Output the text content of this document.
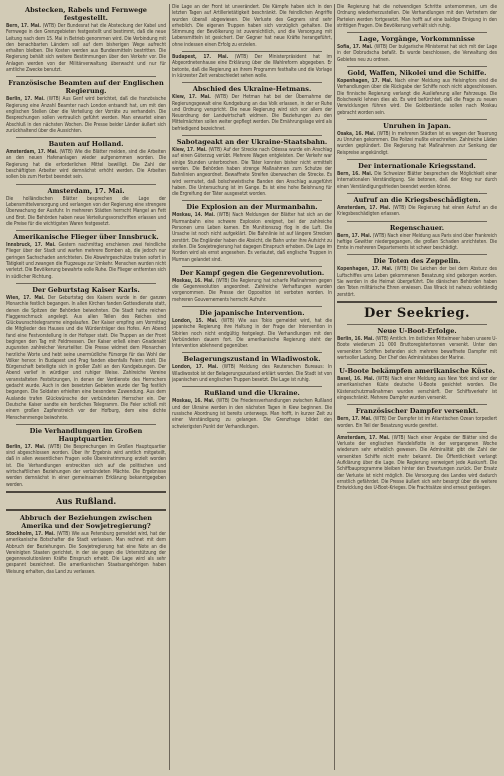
Abstecken, Rabels und Fernwege festgestellt.

Bern, 17. Mai. (WTB) Der Bundesrat hat die Absteckung der Kabel und Fernwege in den Grenzgebieten festgestellt und bestimmt, daß die neue Leitung nach dem 15. Mai in Betrieb genommen wird. Die Verbindung mit den benachbarten Ländern soll auf dem bisherigen Wege aufrecht erhalten bleiben. Die Kosten werden aus Bundesmitteln bestritten. Die Regierung behält sich weitere Bestimmungen über den Verkehr vor. Die Anlagen werden von der Militärverwaltung überwacht und nur für amtliche Zwecke benutzt.

Französische Beamten auf der Englischen Regierung.

Berlin, 17. Mai. (WTB) Aus Genf wird berichtet, daß die französische Regierung eine Anzahl Beamter nach London entsandt hat, um mit den englischen Stellen über die Verteilung der Vorräte zu verhandeln. Die Besprechungen sollen vertraulich geführt werden. Man erwartet einen Abschluß in den nächsten Wochen. Die Presse beider Länder äußert sich zurückhaltend über die Aussichten.

Bauten auf Holland.

Amsterdam, 17. Mai. (WTB) Wie die Blätter melden, sind die Arbeiten an den neuen Hafenanlagen wieder aufgenommen worden. Die Regierung hat die erforderlichen Mittel bewilligt. Die Zahl der beschäftigten Arbeiter wird demnächst erhöht werden. Die Arbeiten sollen bis zum Herbst beendet sein.

Amsterdam, 17. Mai.

Die holländischen Blätter besprechen die Lage der Lebensmittelversorgung und verlangen von der Regierung eine strengere Überwachung der Ausfuhr. In mehreren Städten herrscht Mangel an Fett und Brot. Die Behörden haben neue Verteilungsvorschriften erlassen und die Preise für die wichtigsten Waren festgesetzt.

Amerikanische Flieger über Innsbruck.

Innsbruck, 17. Mai. Gestern nachmittag erschienen zwei feindliche Flieger über der Stadt und warfen mehrere Bomben ab, die jedoch nur geringen Sachschaden anrichteten. Die Abwehrgeschütze traten sofort in Tätigkeit und zwangen die Flugzeuge zur Umkehr. Menschen wurden nicht verletzt. Die Bevölkerung bewahrte volle Ruhe. Die Flieger entfernten sich in südlicher Richtung.

Der Geburtstag Kaiser Karls.

Wien, 17. Mai. Der Geburtstag des Kaisers wurde in der ganzen Monarchie festlich begangen. In allen Kirchen fanden Gottesdienste statt, denen die Spitzen der Behörden beiwohnten. Die Stadt hatte reichen Flaggenschmuck angelegt. Aus allen Teilen des Reiches sind Glückwunschtelegramme eingelaufen. Der Kaiser empfing am Vormittag die Mitglieder des Hauses und die Würdenträger des Hofes. Am Abend fand eine Festvorstellung in der Hofoper statt. Die Truppen an der Front begingen den Tag mit Feldmessen. Der Kaiser erließ einen Gnadenakt zugunsten zahlreicher Verurteilter. Die Presse widmet dem Monarchen herzliche Worte und hebt seine unermüdliche Fürsorge für das Wohl der Völker hervor. In Budapest und Prag fanden ebenfalls Feiern statt. Die Bürgerschaft beteiligte sich in großer Zahl an den Kundgebungen. Der Abend verlief in würdiger und ruhiger Weise. Zahlreiche Vereine veranstalteten Festsitzungen, in denen der Verdienste des Herrschers gedacht wurde. Auch in den besetzten Gebieten wurde der Tag festlich begangen. Die Soldaten erhielten eine besondere Zuwendung. Aus dem Auslande trafen Glückwünsche der verbündeten Herrscher ein. Der Deutsche Kaiser sandte ein herzliches Telegramm. Die Feier schloß mit einem großen Zapfenstreich vor der Hofburg, dem eine dichte Menschenmenge beiwohnte.

Die Verhandlungen im Großen Hauptquartier.

Berlin, 17. Mai. (WTB) Die Besprechungen im Großen Hauptquartier sind abgeschlossen worden. Über ihr Ergebnis wird amtlich mitgeteilt, daß in allen wesentlichen Fragen volle Übereinstimmung erzielt worden ist. Die Verhandlungen erstreckten sich auf die politischen und wirtschaftlichen Beziehungen der verbündeten Mächte. Die Ergebnisse werden demnächst in einer gemeinsamen Erklärung bekanntgegeben werden.

Aus Rußland.
Abbruch der Beziehungen zwischen Amerika und der Sowjetregierung?

Stockholm, 17. Mai. (WTB) Wie aus Petersburg gemeldet wird, hat der amerikanische Botschafter die Stadt verlassen. Man rechnet mit dem Abbruch der Beziehungen. Die Sowjetregierung hat eine Note an die Vereinigten Staaten gerichtet, in der sie gegen die Unterstützung der gegenrevolutionären Kräfte Einspruch erhebt. Die Lage wird als sehr gespannt bezeichnet. Die amerikanischen Staatsangehörigen haben Weisung erhalten, das Land zu verlassen.

Die Lage an der Front ist unverändert. Die Kämpfe haben sich in den letzten Tagen auf Artillerietätigkeit beschränkt. Die feindlichen Angriffe wurden überall abgewiesen. Die Verluste des Gegners sind sehr erheblich. Die eigenen Truppen haben sich vorzüglich gehalten. Die Stimmung der Bevölkerung ist zuversichtlich, und die Versorgung mit Lebensmitteln ist gesichert. Der Gegner hat neue Kräfte herangeführt, ohne indessen einen Erfolg zu erzielen.

Budapest, 17. Mai. (WTB) Der Ministerpräsident hat im Abgeordnetenhause eine Erklärung über die Wahlreform abgegeben. Er betonte, daß die Regierung an ihrem Programm festhalte und die Vorlage in kürzester Zeit verabschiedet sehen wolle.

Abschied des Ukraine-Hetmans.

Kiew, 17. Mai. (WTB) Der Hetman hat bei der Übernahme der Regierungsgewalt eine Kundgebung an das Volk erlassen, in der er Ruhe und Ordnung verspricht. Die neue Regierung wird sich vor allem der Neuordnung der Landwirtschaft widmen. Die Beziehungen zu den Mittelmächten sollen weiter gepflegt werden. Die Ernährungslage wird als befriedigend bezeichnet.

Sabotageakt an der Ukraine-Staatsbahn.

Kiew, 17. Mai. (WTB) Auf der Strecke nach Odessa wurde ein Anschlag auf einen Güterzug verübt. Mehrere Wagen entgleisten. Der Verkehr war einige Stunden unterbrochen. Die Täter konnten bisher nicht ermittelt werden. Die Behörden haben strenge Maßnahmen zum Schutze der Bahnlinien angeordnet. Bewaffnete Streifen überwachen die Strecke. Es wird vermutet, daß bolschewistische Banden den Anschlag ausgeführt haben. Die Untersuchung ist im Gange. Es ist eine hohe Belohnung für die Ergreifung der Täter ausgesetzt worden.

Die Explosion an der Murmanbahn.

Moskau, 14. Mai. (WTB) Nach Meldungen der Blätter hat sich an der Murmanbahn eine schwere Explosion ereignet, bei der zahlreiche Personen ums Leben kamen. Ein Munitionszug flog in die Luft. Die Ursache ist noch nicht aufgeklärt. Die Bahnlinie ist auf längere Strecken zerstört. Die Engländer haben die Absicht, die Bahn unter ihre Aufsicht zu stellen. Die Sowjetregierung hat dagegen Einspruch erhoben. Die Lage im Norden wird als ernst angesehen. Es verlautet, daß englische Truppen in Murman gelandet sind.

Der Kampf gegen die Gegenrevolution.

Moskau, 16. Mai. (WTB) Die Regierung hat scharfe Maßnahmen gegen die Gegenrevolution angeordnet. Zahlreiche Verhaftungen wurden vorgenommen. Die Presse der Opposition ist verboten worden. In mehreren Gouvernements herrscht Aufruhr.

Die japanische Intervention.

London, 15. Mai. (WTB) Wie aus Tokio gemeldet wird, hat die japanische Regierung ihre Haltung in der Frage der Intervention in Sibirien noch nicht endgültig festgelegt. Die Verhandlungen mit den Verbündeten dauern fort. Die amerikanische Regierung steht der Intervention ablehnend gegenüber.

Belagerungszustand in Wladiwostok.

London, 17. Mai. (WTB) Meldung des Reuterschen Bureaus: In Wladiwostok ist der Belagerungszustand erklärt worden. Die Stadt ist von japanischen und englischen Truppen besetzt. Die Lage ist ruhig.

Rußland und die Ukraine.

Moskau, 16. Mai. (WTB) Die Friedensverhandlungen zwischen Rußland und der Ukraine werden in den nächsten Tagen in Kiew beginnen. Die russische Abordnung ist bereits unterwegs. Man hofft, in kurzer Zeit zu einer Verständigung zu gelangen. Die Grenzfrage bildet den schwierigsten Punkt der Verhandlungen.

Die Regierung hat die notwendigen Schritte unternommen, um die Ordnung wiederherzustellen. Die Verhandlungen mit den Vertretern der Parteien werden fortgesetzt. Man hofft auf eine baldige Einigung in den strittigen Fragen. Die Bevölkerung verhält sich ruhig.

Lage, Vorgänge, Vorkommnisse

Sofia, 17. Mai. (WTB) Der bulgarische Ministerrat hat sich mit der Lage in der Dobrudscha befaßt. Es wurde beschlossen, die Verwaltung des Gebietes neu zu ordnen.

Gold, Waffen, Nikolei und die Schiffe.

Kopenhagen, 17. Mai. Nach einer Meldung aus Helsingfors sind die Verhandlungen über die Rückgabe der Schiffe noch nicht abgeschlossen. Die finnische Regierung verlangt die Auslieferung aller Fahrzeuge. Die Bolschewiki lehnen dies ab. Es wird befürchtet, daß die Frage zu neuen Verwicklungen führen wird. Die Goldbestände sollen nach Moskau gebracht worden sein.

Unruhen in Japan.

Osaka, 16. Mai. (WTB) In mehreren Städten ist es wegen der Teuerung zu Unruhen gekommen. Die Polizei mußte einschreiten. Zahlreiche Läden wurden geplündert. Die Regierung hat Maßnahmen zur Senkung der Reispreise angekündigt.

Der internationale Kriegsstand.

Bern, 16. Mai. Die Schweizer Blätter besprechen die Möglichkeit einer internationalen Verständigung. Sie betonen, daß der Krieg nur durch einen Verständigungsfrieden beendet werden könne.

Aufruf an die Kriegsbeschädigten.

Amsterdam, 17. Mai. (WTB) Die Regierung hat einen Aufruf an die Kriegsbeschädigten erlassen.

Regenschauer.

Bern, 17. Mai. (WTB) Nach einer Meldung aus Paris sind über Frankreich heftige Gewitter niedergegangen, die großen Schaden anrichteten. Die Ernte in mehreren Departements ist schwer beschädigt.

Die Toten des Zeppelin.

Kopenhagen, 17. Mai. (WTB) Die Leichen der bei dem Absturz des Luftschiffes ums Leben gekommenen Besatzung sind geborgen worden. Sie werden in die Heimat übergeführt. Die dänischen Behörden haben den Toten militärische Ehren erwiesen. Das Wrack ist nahezu vollständig zerstört.

Der Seekrieg.
Neue U-Boot-Erfolge.

Berlin, 16. Mai. (WTB) Amtlich. Im östlichen Mittelmeer haben unsere U-Boote wiederum 21 000 Bruttoregistertonnen versenkt. Unter den versenkten Schiffen befanden sich mehrere bewaffnete Dampfer mit wertvoller Ladung. Der Chef des Admiralstabes der Marine.

U-Boote bekämpfen amerikanische Küste.

Basel, 16. Mai. (WTB) Nach einer Meldung aus New York sind vor der amerikanischen Küste deutsche U-Boote gesichtet worden. Die Küstenschutzmaßnahmen wurden verschärft. Der Schiffsverkehr ist eingeschränkt. Mehrere Dampfer wurden versenkt.

Französischer Dampfer versenkt.

Bern, 17. Mai. (WTB) Der Dampfer ist im Atlantischen Ozean torpediert worden. Ein Teil der Besatzung wurde gerettet.

Amsterdam, 17. Mai. (WTB) Nach einer Angabe der Blätter sind die Verluste der englischen Handelsflotte in der vergangenen Woche wiederum sehr erheblich gewesen. Die Admiralität gibt die Zahl der versenkten Schiffe nicht mehr bekannt. Die Öffentlichkeit verlangt Aufklärung über die Lage. Die Regierung verweigert jede Auskunft. Die Schiffbauprogramme bleiben hinter den Erwartungen zurück. Der Ersatz der Verluste ist nicht möglich. Die Versorgung des Landes wird dadurch ernstlich gefährdet. Die Presse äußert sich sehr besorgt über die weitere Entwicklung des U-Boot-Krieges. Die Frachtsätze sind erneut gestiegen.
